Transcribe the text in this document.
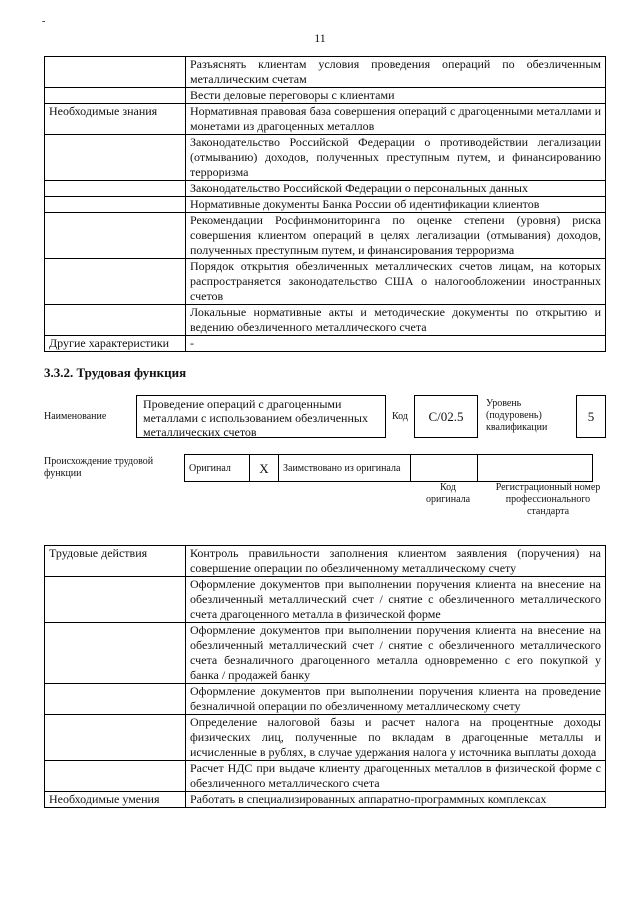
-
11
	Разъяснять клиентам условия проведения операций по обезличенным металлическим счетам
	Вести деловые переговоры с клиентами
Необходимые знания	Нормативная правовая база совершения операций с драгоценными металлами и монетами из драгоценных металлов
	Законодательство Российской Федерации о противодействии легализации (отмыванию) доходов, полученных преступным путем, и финансированию терроризма
	Законодательство Российской Федерации о персональных данных
	Нормативные документы Банка России об идентификации клиентов
	Рекомендации Росфинмониторинга по оценке степени (уровня) риска совершения клиентом операций в целях легализации (отмывания) доходов, полученных преступным путем, и финансирования терроризма
	Порядок открытия обезличенных металлических счетов лицам, на которых распространяется законодательство США о налогообложении иностранных счетов
	Локальные нормативные акты и методические документы по открытию и ведению обезличенного металлического счета
Другие характеристики	-
3.3.2. Трудовая функция
Наименование
Проведение операций с драгоценными металлами с использованием обезличенных металлических счетов
Код	C/02.5
Уровень (подуровень) квалификации
5
Происхождение трудовой функции	Оригинал	X	Заимствовано из оригинала		
Код оригинала
Регистрационный номер профессионального стандарта
Трудовые действия	Контроль правильности заполнения клиентом заявления (поручения) на совершение операции по обезличенному металлическому счету
	Оформление документов при выполнении поручения клиента на внесение на обезличенный металлический счет / снятие с обезличенного металлического счета драгоценного металла в физической форме
	Оформление документов при выполнении поручения клиента на внесение на обезличенный металлический счет / снятие с обезличенного металлического счета безналичного драгоценного металла одновременно с его покупкой у банка / продажей банку
	Оформление документов при выполнении поручения клиента на проведение безналичной операции по обезличенному металлическому счету
	Определение налоговой базы и расчет налога на процентные доходы физических лиц, полученные по вкладам в драгоценные металлы и исчисленные в рублях, в случае удержания налога у источника выплаты дохода
	Расчет НДС при выдаче клиенту драгоценных металлов в физической форме с обезличенного металлического счета
Необходимые умения	Работать в специализированных аппаратно-программных комплексах
